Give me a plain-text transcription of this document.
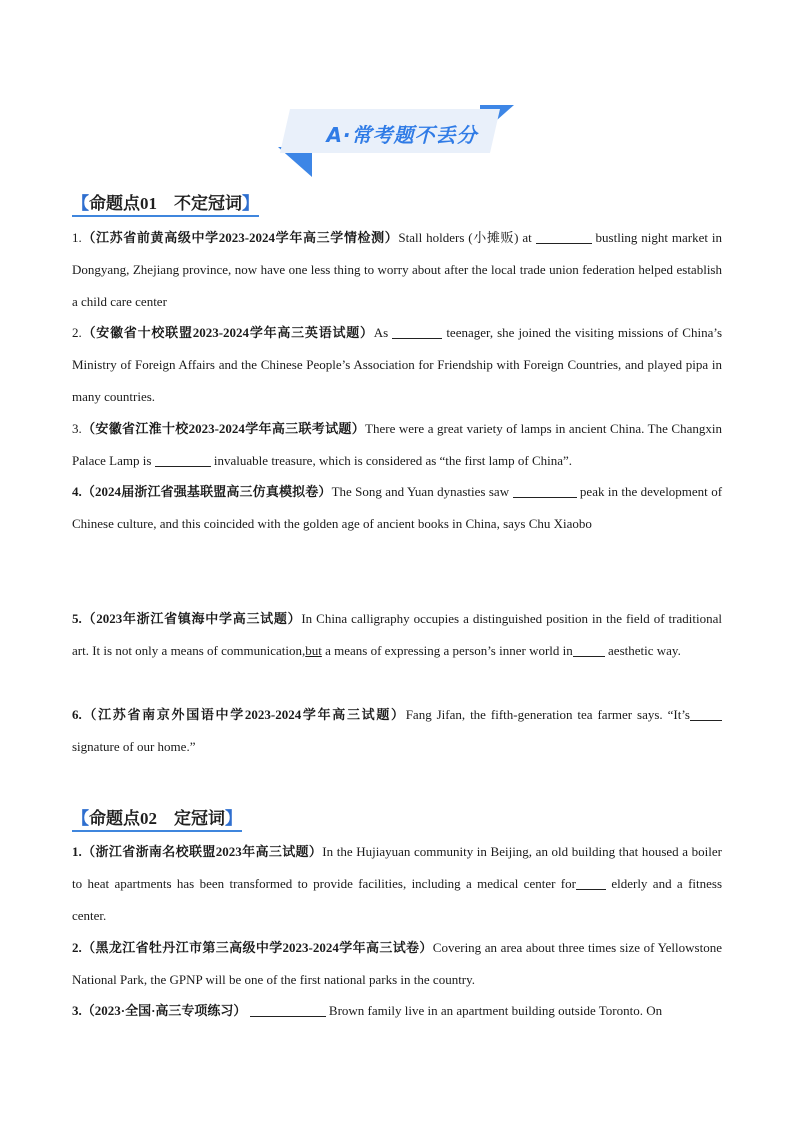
A·常考题不丢分
【命题点01　不定冠词】
1.（江苏省前黄高级中学2023-2024学年高三学情检测）Stall holders (小摊贩) at	bustling night market in Dongyang, Zhejiang province, now have one less thing to worry about after the local trade union federation helped establish a child care center
2.（安徽省十校联盟2023-2024学年高三英语试题）As	teenager, she joined the visiting missions of China’s Ministry of Foreign Affairs and the Chinese People’s Association for Friendship with Foreign Countries, and played pipa in many countries.
3.（安徽省江淮十校2023-2024学年高三联考试题）There were a great variety of lamps in ancient China. The Changxin Palace Lamp is	invaluable treasure, which is considered as “the first lamp of China”.
4.（2024届浙江省强基联盟高三仿真模拟卷）The Song and Yuan dynasties saw	peak in the development of Chinese culture, and this coincided with the golden age of ancient books in China, says Chu Xiaobo
5.（2023年浙江省镇海中学高三试题）In China calligraphy occupies a distinguished position in the field of traditional art. It is not only a means of communication,but a means of expressing a person’s inner world in	aesthetic way.
6.（江苏省南京外国语中学2023-2024学年高三试题）Fang Jifan, the fifth-generation tea farmer says. “It’s signature of our home.”
【命题点02　定冠词】
1.（浙江省浙南名校联盟2023年高三试题）In the Hujiayuan community in Beijing, an old building that housed a boiler to heat apartments has been transformed to provide facilities, including a medical center for	elderly and a fitness center.
2.（黑龙江省牡丹江市第三高级中学2023-2024学年高三试卷）Covering an area about three times size of Yellowstone National Park, the GPNP will be one of the first national parks in the country.
3.（2023·全国·高三专项练习）	Brown family live in an apartment building outside Toronto. On
